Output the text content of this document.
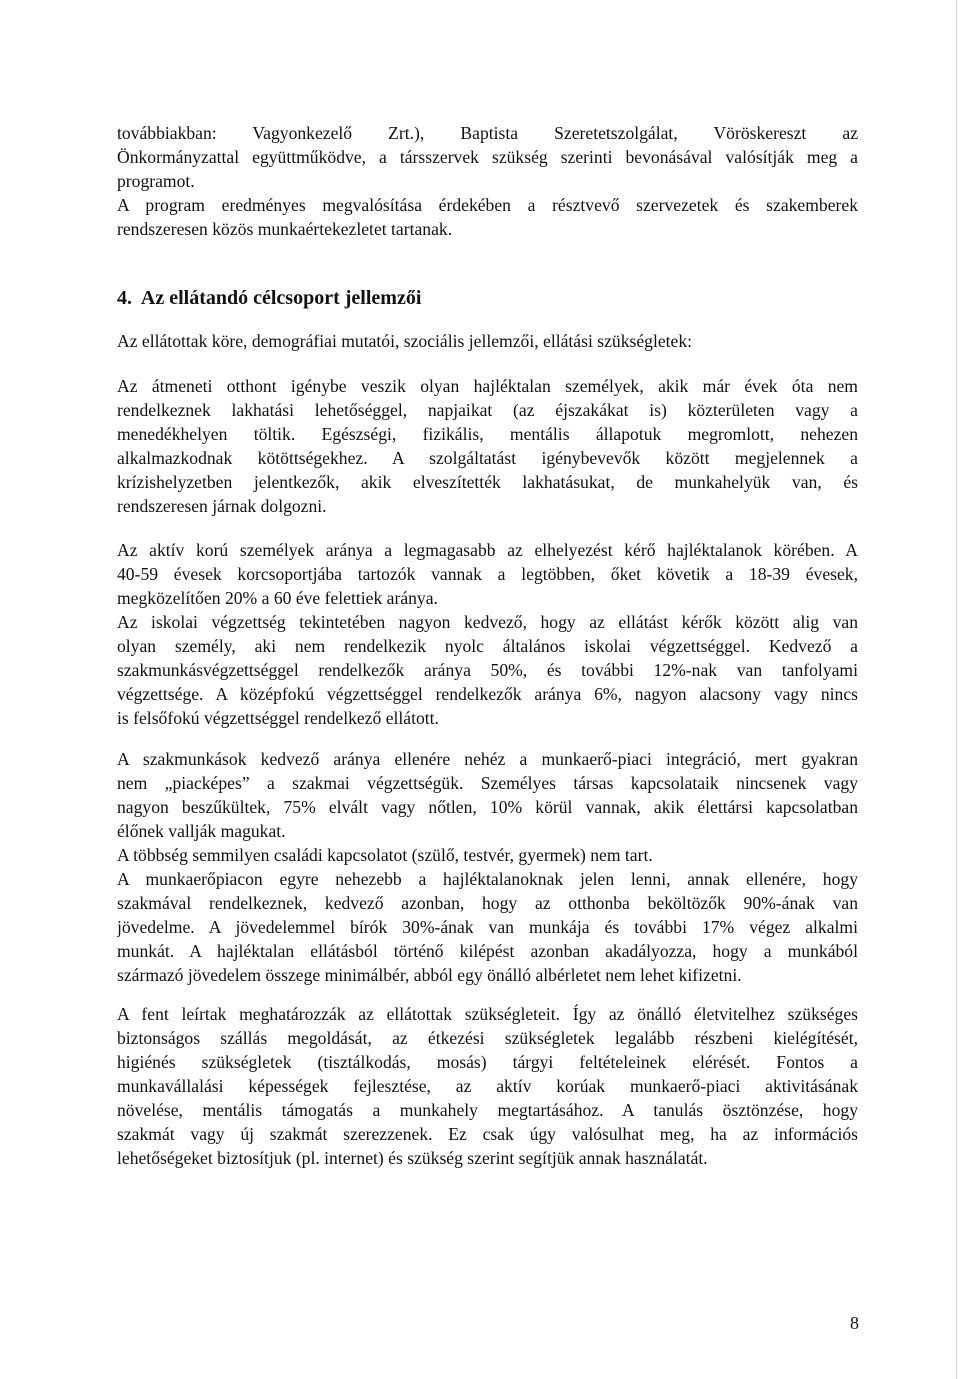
továbbiakban: Vagyonkezelő Zrt.), Baptista Szeretetszolgálat, Vöröskereszt az
Önkormányzattal együttműködve, a társszervek szükség szerinti bevonásával valósítják meg a
programot.
A program eredményes megvalósítása érdekében a résztvevő szervezetek és szakemberek
rendszeresen közös munkaértekezletet tartanak.
4. Az ellátandó célcsoport jellemzői
Az ellátottak köre, demográfiai mutatói, szociális jellemzői, ellátási szükségletek:
Az átmeneti otthont igénybe veszik olyan hajléktalan személyek, akik már évek óta nem
rendelkeznek lakhatási lehetőséggel, napjaikat (az éjszakákat is) közterületen vagy a
menedékhelyen töltik. Egészségi, fizikális, mentális állapotuk megromlott, nehezen
alkalmazkodnak kötöttségekhez. A szolgáltatást igénybevevők között megjelennek a
krízishelyzetben jelentkezők, akik elveszítették lakhatásukat, de munkahelyük van, és
rendszeresen járnak dolgozni.
Az aktív korú személyek aránya a legmagasabb az elhelyezést kérő hajléktalanok körében. A
40-59 évesek korcsoportjába tartozók vannak a legtöbben, őket követik a 18-39 évesek,
megközelítően 20% a 60 éve felettiek aránya.
Az iskolai végzettség tekintetében nagyon kedvező, hogy az ellátást kérők között alig van
olyan személy, aki nem rendelkezik nyolc általános iskolai végzettséggel. Kedvező a
szakmunkásvégzettséggel rendelkezők aránya 50%, és további 12%-nak van tanfolyami
végzettsége. A középfokú végzettséggel rendelkezők aránya 6%, nagyon alacsony vagy nincs
is felsőfokú végzettséggel rendelkező ellátott.
A szakmunkások kedvező aránya ellenére nehéz a munkaerő-piaci integráció, mert gyakran
nem „piacképes” a szakmai végzettségük. Személyes társas kapcsolataik nincsenek vagy
nagyon beszűkültek, 75% elvált vagy nőtlen, 10% körül vannak, akik élettársi kapcsolatban
élőnek vallják magukat.
A többség semmilyen családi kapcsolatot (szülő, testvér, gyermek) nem tart.
A munkaerőpiacon egyre nehezebb a hajléktalanoknak jelen lenni, annak ellenére, hogy
szakmával rendelkeznek, kedvező azonban, hogy az otthonba beköltözők 90%-ának van
jövedelme. A jövedelemmel bírók 30%-ának van munkája és további 17% végez alkalmi
munkát. A hajléktalan ellátásból történő kilépést azonban akadályozza, hogy a munkából
származó jövedelem összege minimálbér, abból egy önálló albérletet nem lehet kifizetni.
A fent leírtak meghatározzák az ellátottak szükségleteit. Így az önálló életvitelhez szükséges
biztonságos szállás megoldását, az étkezési szükségletek legalább részbeni kielégítését,
higiénés szükségletek (tisztálkodás, mosás) tárgyi feltételeinek elérését. Fontos a
munkavállalási képességek fejlesztése, az aktív korúak munkaerő-piaci aktivitásának
növelése, mentális támogatás a munkahely megtartásához. A tanulás ösztönzése, hogy
szakmát vagy új szakmát szerezzenek. Ez csak úgy valósulhat meg, ha az információs
lehetőségeket biztosítjuk (pl. internet) és szükség szerint segítjük annak használatát.
8
